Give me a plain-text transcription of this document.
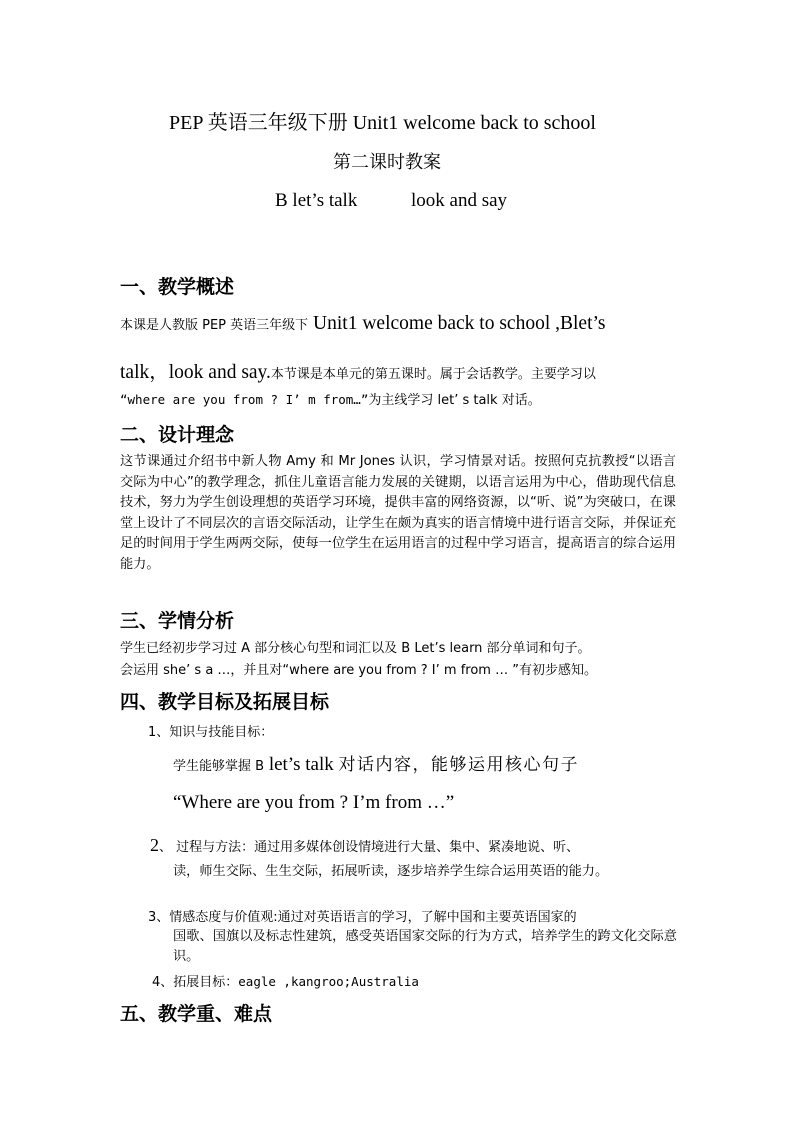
PEP 英语三年级下册 Unit1 welcome back to school
第二课时教案
B let’s talk	look and say
一、教学概述
本课是人教版 PEP 英语三年级下 Unit1 welcome back to school ,Blet’s
talk，look and say.本节课是本单元的第五课时。属于会话教学。主要学习以
“where are you from ? I’ m from…”为主线学习 let’ s talk 对话。
二、设计理念
这节课通过介绍书中新人物 Amy 和 Mr Jones 认识，学习情景对话。按照何克抗教授“以语言交际为中心”的教学理念，抓住儿童语言能力发展的关键期，以语言运用为中心，借助现代信息技术，努力为学生创设理想的英语学习环境，提供丰富的网络资源，以“听、说”为突破口，在课堂上设计了不同层次的言语交际活动，让学生在颇为真实的语言情境中进行语言交际，并保证充足的时间用于学生两两交际，使每一位学生在运用语言的过程中学习语言，提高语言的综合运用能力。
三、学情分析
学生已经初步学习过 A 部分核心句型和词汇以及 B Let’s learn 部分单词和句子。
会运用 she’ s a …，并且对“where are you from ? I’ m from … ”有初步感知。
四、教学目标及拓展目标
1、知识与技能目标：
学生能够掌握 B let’s talk 对话内容，能够运用核心句子
“Where are you from ? I’m from …”
2、 过程与方法：通过用多媒体创设情境进行大量、集中、紧凑地说、听、
读，师生交际、生生交际，拓展听读，逐步培养学生综合运用英语的能力。
3、情感态度与价值观:通过对英语语言的学习，了解中国和主要英语国家的
国歌、国旗以及标志性建筑，感受英语国家交际的行为方式，培养学生的跨文化交际意识。
4、拓展目标：eagle ,kangroo;Australia
五、教学重、难点
